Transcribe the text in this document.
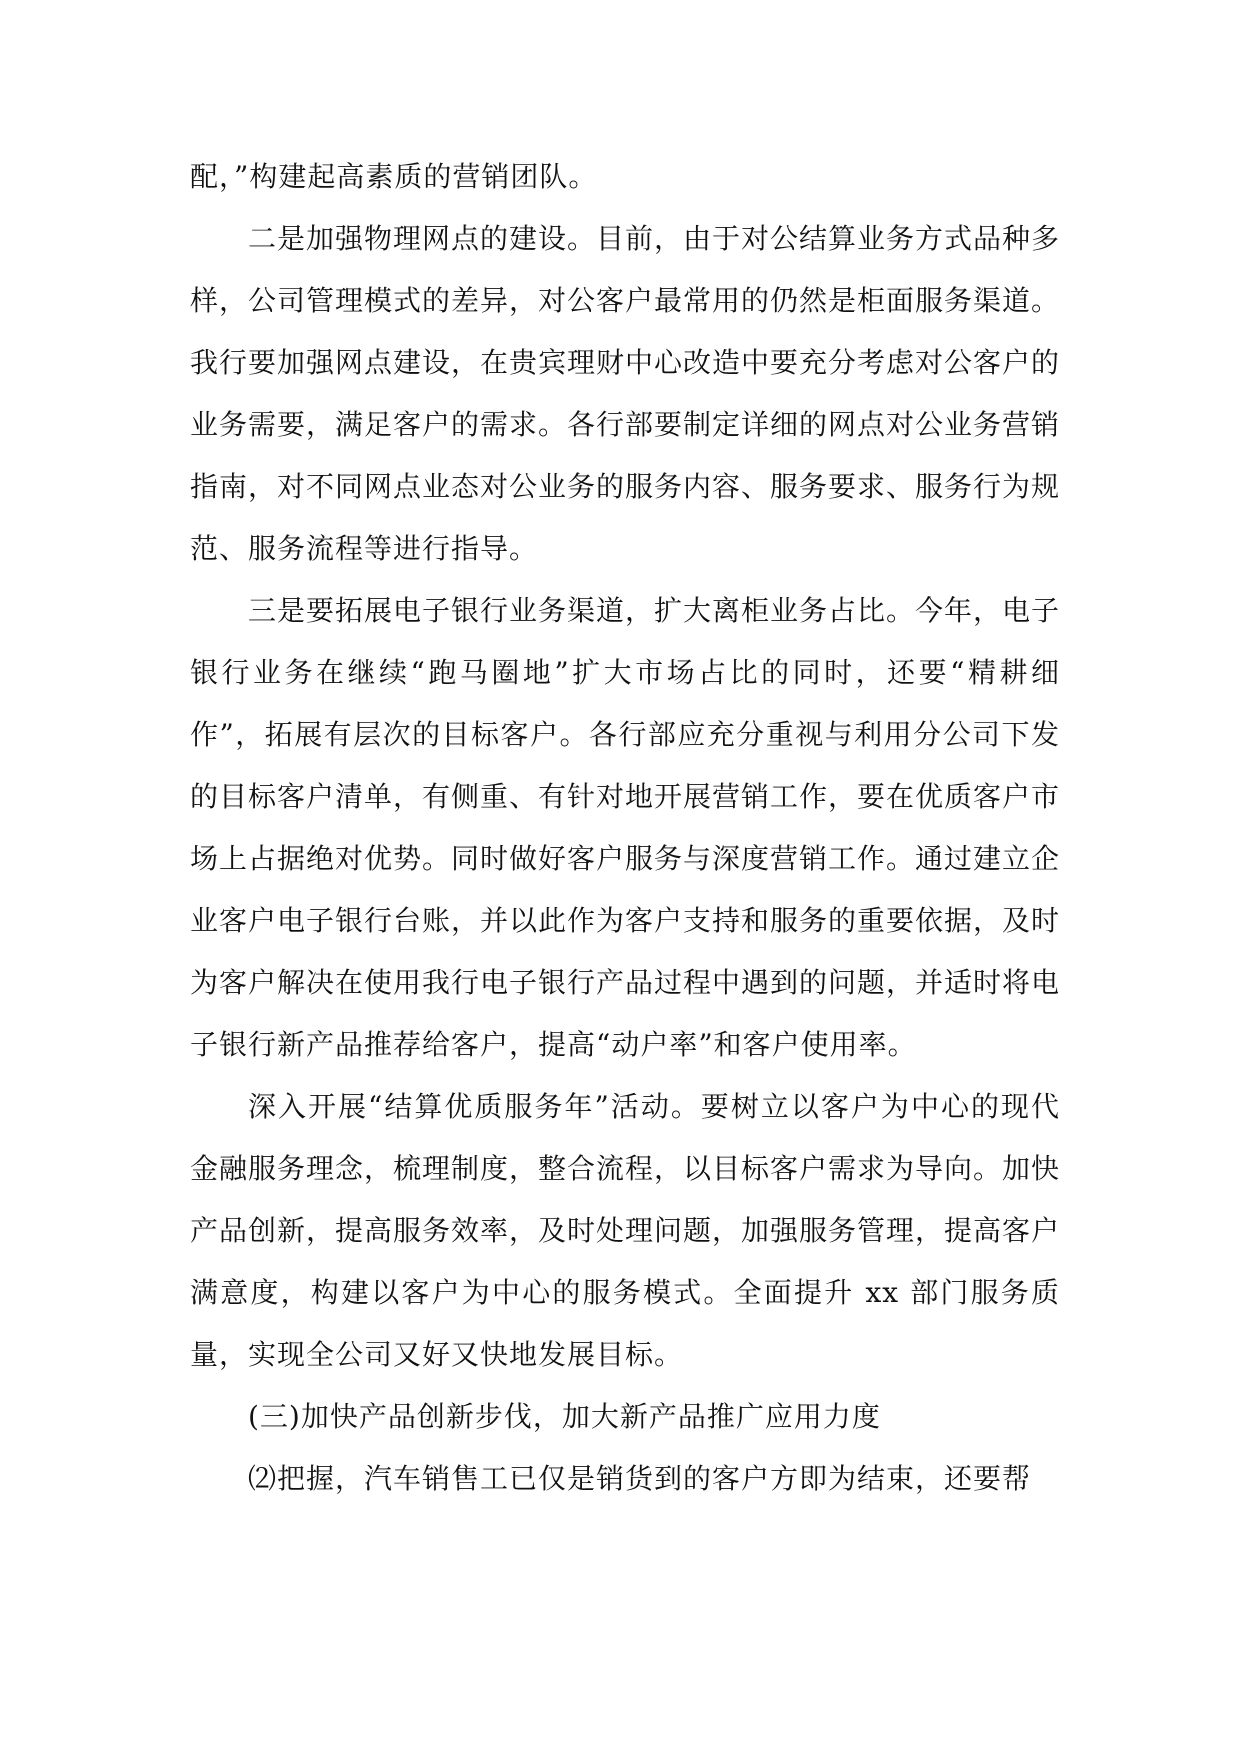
配，”构建起高素质的营销团队。

二是加强物理网点的建设。目前，由于对公结算业务方式品种多样，公司管理模式的差异，对公客户最常用的仍然是柜面服务渠道。我行要加强网点建设，在贵宾理财中心改造中要充分考虑对公客户的业务需要，满足客户的需求。各行部要制定详细的网点对公业务营销指南，对不同网点业态对公业务的服务内容、服务要求、服务行为规范、服务流程等进行指导。

三是要拓展电子银行业务渠道，扩大离柜业务占比。今年，电子银行业务在继续“跑马圈地”扩大市场占比的同时，还要“精耕细作”，拓展有层次的目标客户。各行部应充分重视与利用分公司下发的目标客户清单，有侧重、有针对地开展营销工作，要在优质客户市场上占据绝对优势。同时做好客户服务与深度营销工作。通过建立企业客户电子银行台账，并以此作为客户支持和服务的重要依据，及时为客户解决在使用我行电子银行产品过程中遇到的问题，并适时将电子银行新产品推荐给客户，提高“动户率”和客户使用率。

深入开展“结算优质服务年”活动。要树立以客户为中心的现代金融服务理念，梳理制度，整合流程，以目标客户需求为导向。加快产品创新，提高服务效率，及时处理问题，加强服务管理，提高客户满意度，构建以客户为中心的服务模式。全面提升 xx 部门服务质量，实现全公司又好又快地发展目标。

(三)加快产品创新步伐，加大新产品推广应用力度

⑵把握，汽车销售工已仅是销货到的客户方即为结束，还要帮
